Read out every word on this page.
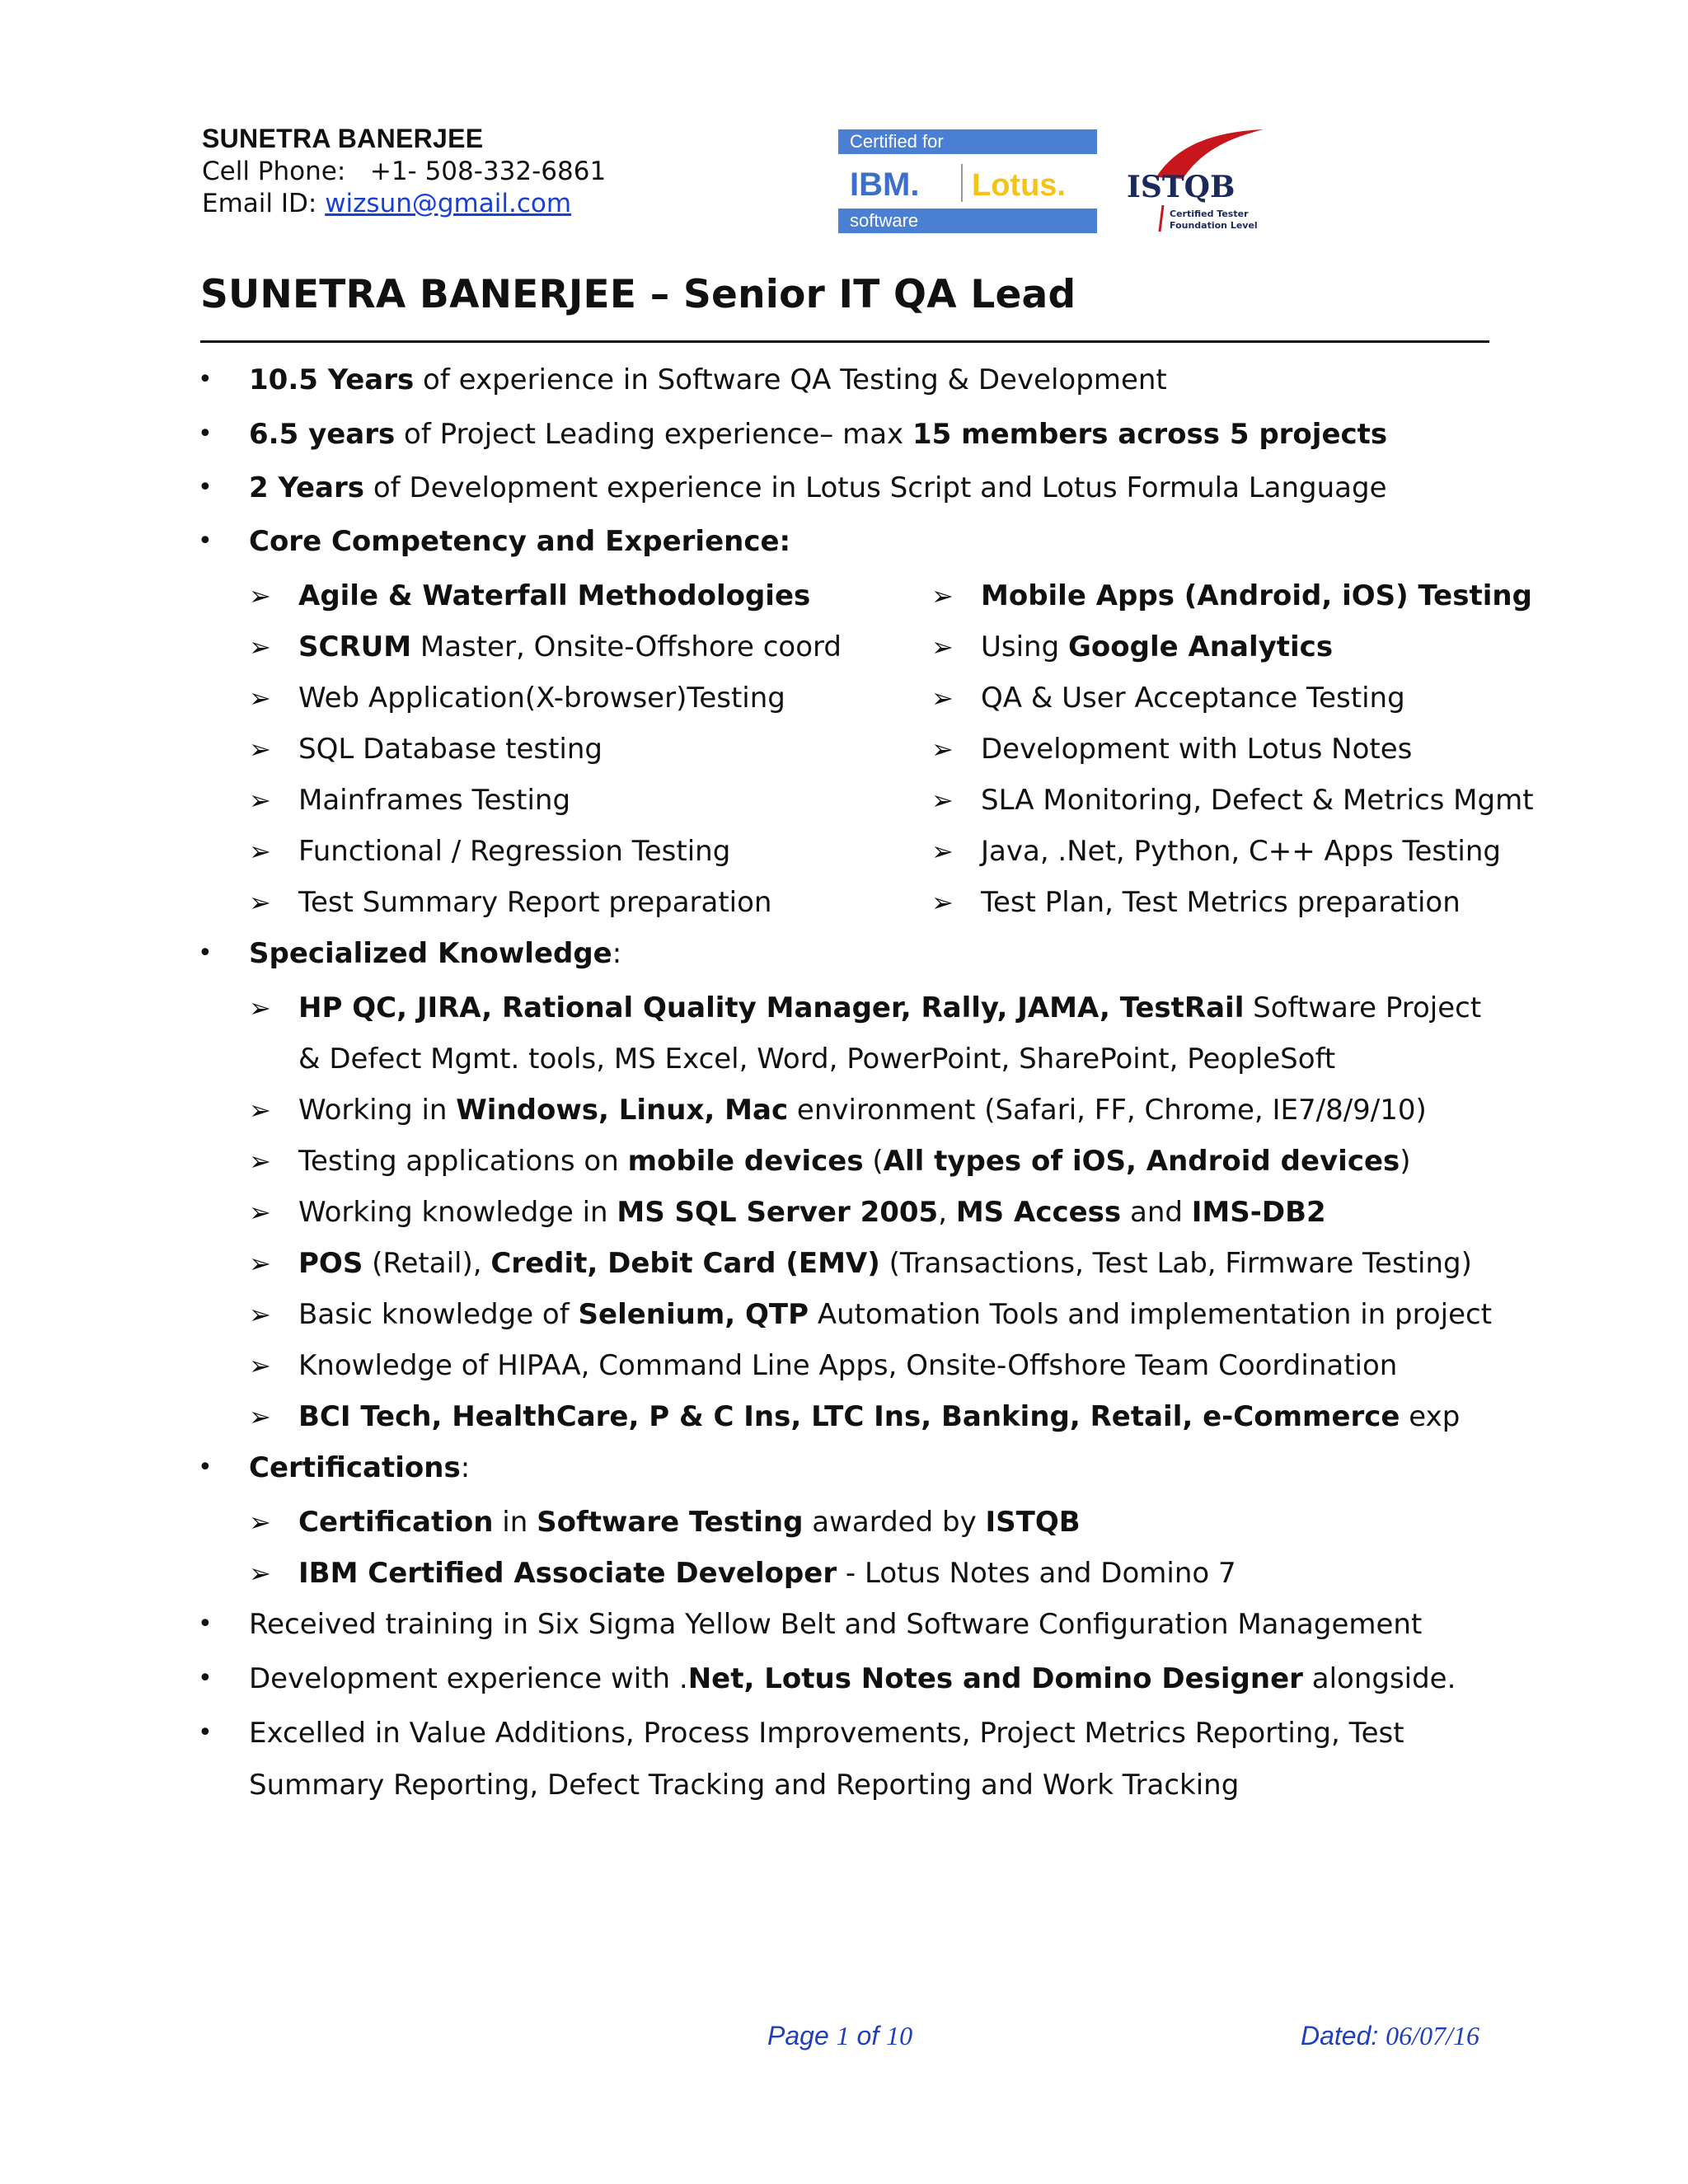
SUNETRA BANERJEE
Cell Phone: +1- 508-332-6861
Email ID: wizsun@gmail.com
Certified for
IBM. Lotus.
software
ISTQB
Certified Tester
Foundation Level
SUNETRA BANERJEE – Senior IT QA Lead
• 10.5 Years of experience in Software QA Testing & Development
• 6.5 years of Project Leading experience– max 15 members across 5 projects
• 2 Years of Development experience in Lotus Script and Lotus Formula Language
• Core Competency and Experience:
➢ Agile & Waterfall Methodologies	➢ Mobile Apps (Android, iOS) Testing
➢ SCRUM Master, Onsite-Offshore coord	➢ Using Google Analytics
➢ Web Application(X-browser)Testing	➢ QA & User Acceptance Testing
➢ SQL Database testing	➢ Development with Lotus Notes
➢ Mainframes Testing	➢ SLA Monitoring, Defect & Metrics Mgmt
➢ Functional / Regression Testing	➢ Java, .Net, Python, C++ Apps Testing
➢ Test Summary Report preparation	➢ Test Plan, Test Metrics preparation
• Specialized Knowledge:
➢ HP QC, JIRA, Rational Quality Manager, Rally, JAMA, TestRail Software Project
& Defect Mgmt. tools, MS Excel, Word, PowerPoint, SharePoint, PeopleSoft
➢ Working in Windows, Linux, Mac environment (Safari, FF, Chrome, IE7/8/9/10)
➢ Testing applications on mobile devices (All types of iOS, Android devices)
➢ Working knowledge in MS SQL Server 2005, MS Access and IMS-DB2
➢ POS (Retail), Credit, Debit Card (EMV) (Transactions, Test Lab, Firmware Testing)
➢ Basic knowledge of Selenium, QTP Automation Tools and implementation in project
➢ Knowledge of HIPAA, Command Line Apps, Onsite-Offshore Team Coordination
➢ BCI Tech, HealthCare, P & C Ins, LTC Ins, Banking, Retail, e-Commerce exp
• Certifications:
➢ Certification in Software Testing awarded by ISTQB
➢ IBM Certified Associate Developer - Lotus Notes and Domino 7
• Received training in Six Sigma Yellow Belt and Software Configuration Management
• Development experience with .Net, Lotus Notes and Domino Designer alongside.
• Excelled in Value Additions, Process Improvements, Project Metrics Reporting, Test
Summary Reporting, Defect Tracking and Reporting and Work Tracking
Page 1 of 10	Dated: 06/07/16
